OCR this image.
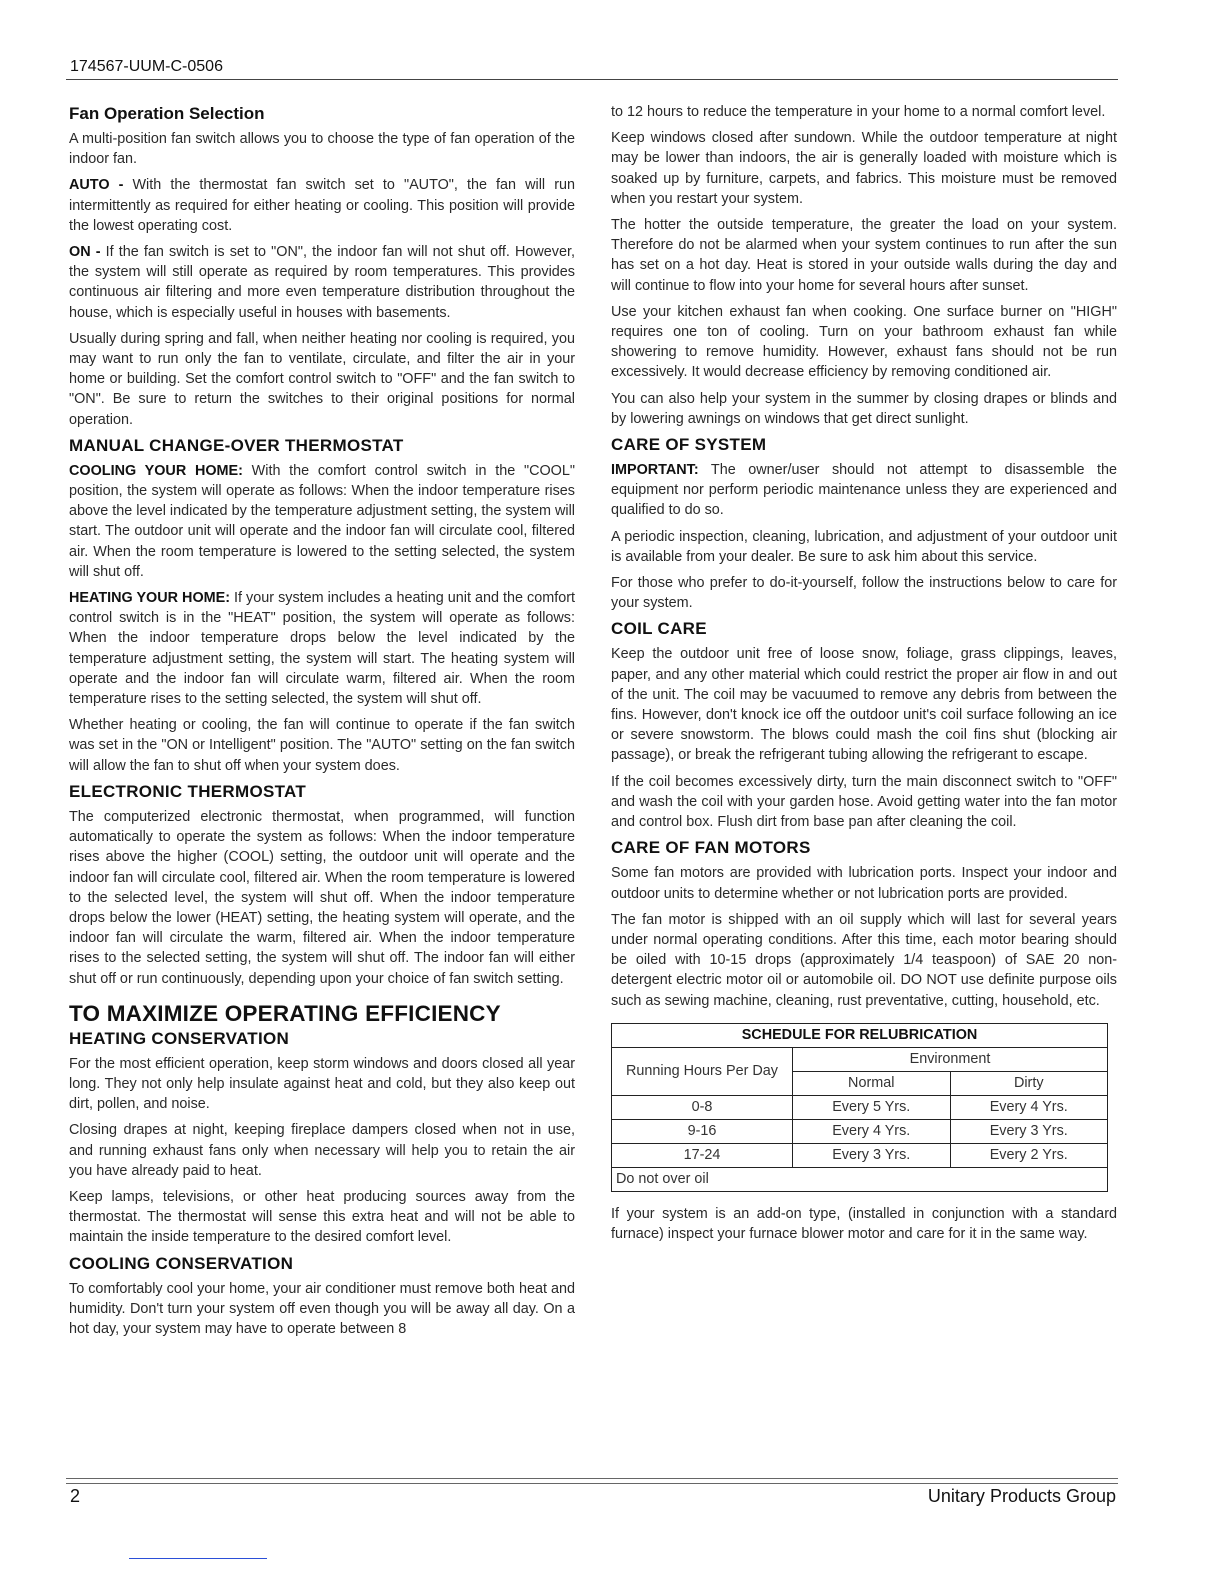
174567-UUM-C-0506
Fan Operation Selection

A multi-position fan switch allows you to choose the type of fan operation of the indoor fan.

AUTO - With the thermostat fan switch set to "AUTO", the fan will run intermittently as required for either heating or cooling. This position will provide the lowest operating cost.

ON - If the fan switch is set to "ON", the indoor fan will not shut off. However, the system will still operate as required by room temperatures. This provides continuous air filtering and more even temperature distribution throughout the house, which is especially useful in houses with basements.

Usually during spring and fall, when neither heating nor cooling is required, you may want to run only the fan to ventilate, circulate, and filter the air in your home or building. Set the comfort control switch to "OFF" and the fan switch to "ON". Be sure to return the switches to their original positions for normal operation.

MANUAL CHANGE-OVER THERMOSTAT

COOLING YOUR HOME: With the comfort control switch in the "COOL" position, the system will operate as follows: When the indoor temperature rises above the level indicated by the temperature adjustment setting, the system will start. The outdoor unit will operate and the indoor fan will circulate cool, filtered air. When the room temperature is lowered to the setting selected, the system will shut off.

HEATING YOUR HOME: If your system includes a heating unit and the comfort control switch is in the "HEAT" position, the system will operate as follows: When the indoor temperature drops below the level indicated by the temperature adjustment setting, the system will start. The heating system will operate and the indoor fan will circulate warm, filtered air. When the room temperature rises to the setting selected, the system will shut off.

Whether heating or cooling, the fan will continue to operate if the fan switch was set in the "ON or Intelligent" position. The "AUTO" setting on the fan switch will allow the fan to shut off when your system does.

ELECTRONIC THERMOSTAT

The computerized electronic thermostat, when programmed, will function automatically to operate the system as follows: When the indoor temperature rises above the higher (COOL) setting, the outdoor unit will operate and the indoor fan will circulate cool, filtered air. When the room temperature is lowered to the selected level, the system will shut off. When the indoor temperature drops below the lower (HEAT) setting, the heating system will operate, and the indoor fan will circulate the warm, filtered air. When the indoor temperature rises to the selected setting, the system will shut off. The indoor fan will either shut off or run continuously, depending upon your choice of fan switch setting.

TO MAXIMIZE OPERATING EFFICIENCY
HEATING CONSERVATION

For the most efficient operation, keep storm windows and doors closed all year long. They not only help insulate against heat and cold, but they also keep out dirt, pollen, and noise.

Closing drapes at night, keeping fireplace dampers closed when not in use, and running exhaust fans only when necessary will help you to retain the air you have already paid to heat.

Keep lamps, televisions, or other heat producing sources away from the thermostat. The thermostat will sense this extra heat and will not be able to maintain the inside temperature to the desired comfort level.

COOLING CONSERVATION

To comfortably cool your home, your air conditioner must remove both heat and humidity. Don't turn your system off even though you will be away all day. On a hot day, your system may have to operate between 8

to 12 hours to reduce the temperature in your home to a normal comfort level.

Keep windows closed after sundown. While the outdoor temperature at night may be lower than indoors, the air is generally loaded with moisture which is soaked up by furniture, carpets, and fabrics. This moisture must be removed when you restart your system.

The hotter the outside temperature, the greater the load on your system. Therefore do not be alarmed when your system continues to run after the sun has set on a hot day. Heat is stored in your outside walls during the day and will continue to flow into your home for several hours after sunset.

Use your kitchen exhaust fan when cooking. One surface burner on "HIGH" requires one ton of cooling. Turn on your bathroom exhaust fan while showering to remove humidity. However, exhaust fans should not be run excessively. It would decrease efficiency by removing conditioned air.

You can also help your system in the summer by closing drapes or blinds and by lowering awnings on windows that get direct sunlight.

CARE OF SYSTEM

IMPORTANT: The owner/user should not attempt to disassemble the equipment nor perform periodic maintenance unless they are experienced and qualified to do so.

A periodic inspection, cleaning, lubrication, and adjustment of your outdoor unit is available from your dealer. Be sure to ask him about this service.

For those who prefer to do-it-yourself, follow the instructions below to care for your system.

COIL CARE

Keep the outdoor unit free of loose snow, foliage, grass clippings, leaves, paper, and any other material which could restrict the proper air flow in and out of the unit. The coil may be vacuumed to remove any debris from between the fins. However, don't knock ice off the outdoor unit's coil surface following an ice or severe snowstorm. The blows could mash the coil fins shut (blocking air passage), or break the refrigerant tubing allowing the refrigerant to escape.

If the coil becomes excessively dirty, turn the main disconnect switch to "OFF" and wash the coil with your garden hose. Avoid getting water into the fan motor and control box. Flush dirt from base pan after cleaning the coil.

CARE OF FAN MOTORS

Some fan motors are provided with lubrication ports. Inspect your indoor and outdoor units to determine whether or not lubrication ports are provided.

The fan motor is shipped with an oil supply which will last for several years under normal operating conditions. After this time, each motor bearing should be oiled with 10-15 drops (approximately 1/4 teaspoon) of SAE 20 non-detergent electric motor oil or automobile oil. DO NOT use definite purpose oils such as sewing machine, cleaning, rust preventative, cutting, household, etc.

SCHEDULE FOR RELUBRICATION		
Running Hours Per Day	Environment	
	Normal	Dirty
0-8	Every 5 Yrs.	Every 4 Yrs.
9-16	Every 4 Yrs.	Every 3 Yrs.
17-24	Every 3 Yrs.	Every 2 Yrs.
Do not over oil		

If your system is an add-on type, (installed in conjunction with a standard furnace) inspect your furnace blower motor and care for it in the same way.

2	Unitary Products Group
